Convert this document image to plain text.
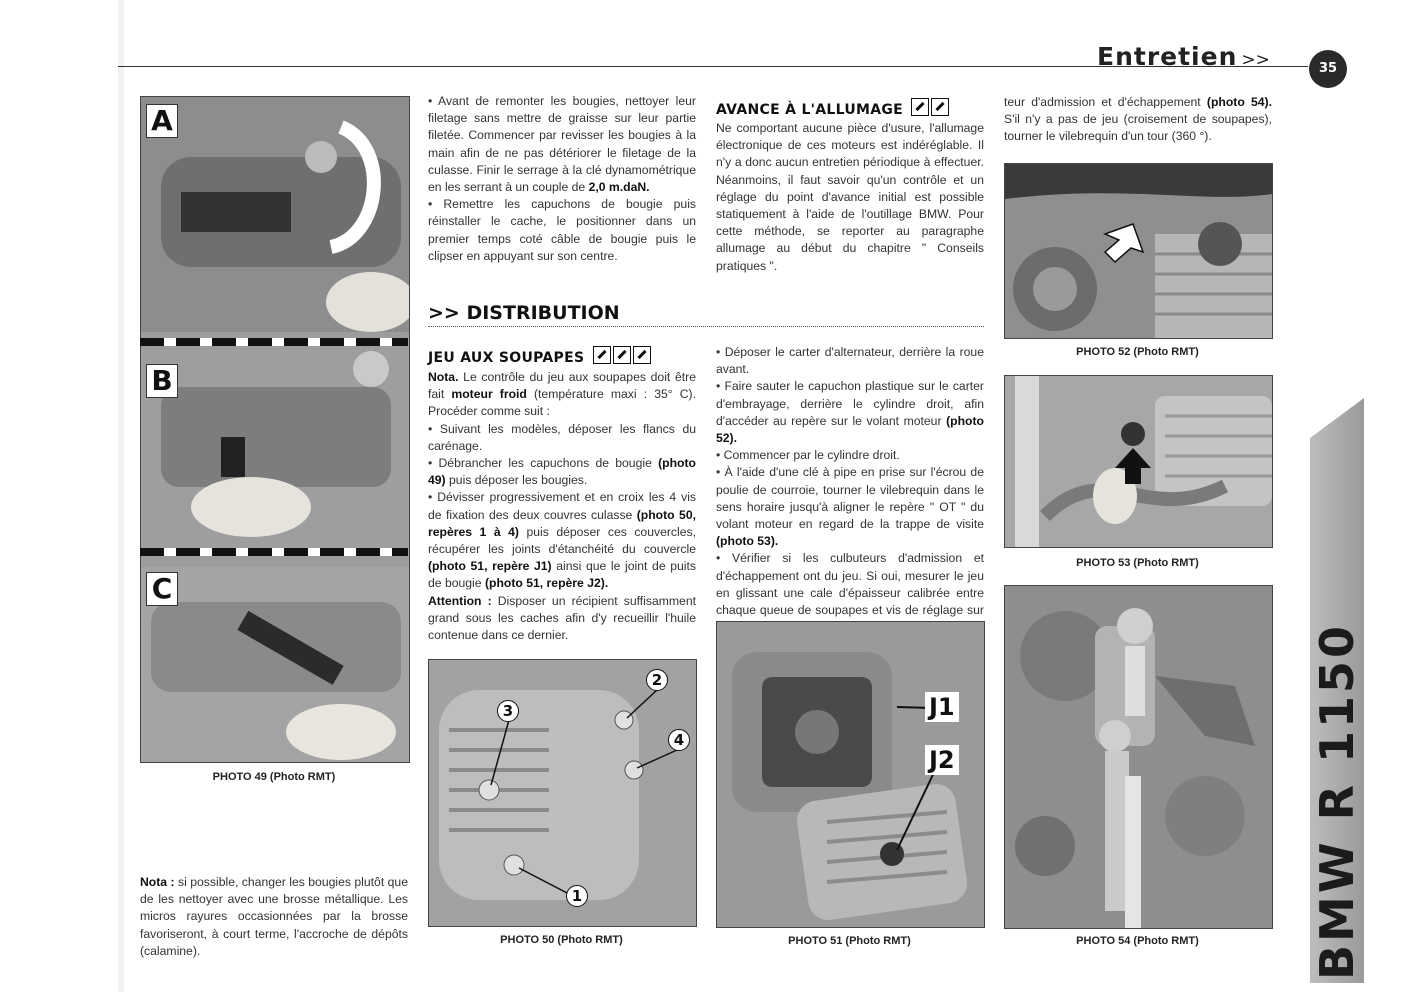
Entretien >>	35
BMW R 1150
A
B
C
PHOTO 49 (Photo RMT)

Nota : si possible, changer les bougies plutôt que de les nettoyer avec une brosse métallique. Les micros rayures occasionnées par la brosse favoriseront, à court terme, l'accroche de dépôts (calamine).

• Avant de remonter les bougies, nettoyer leur filetage sans mettre de graisse sur leur partie filetée. Commencer par revisser les bougies à la main afin de ne pas détériorer le filetage de la culasse. Finir le serrage à la clé dynamométrique en les serrant à un couple de 2,0 m.daN.

• Remettre les capuchons de bougie puis réinstaller le cache, le positionner dans un premier temps coté câble de bougie puis le clipser en appuyant sur son centre.

AVANCE À L'ALLUMAGE

Ne comportant aucune pièce d'usure, l'allumage électronique de ces moteurs est indéréglable. Il n'y a donc aucun entretien périodique à effectuer. Néanmoins, il faut savoir qu'un contrôle et un réglage du point d'avance initial est possible statiquement à l'aide de l'outillage BMW. Pour cette méthode, se reporter au paragraphe allumage au début du chapitre " Conseils pratiques ".

teur d'admission et d'échappement (photo 54). S'il n'y a pas de jeu (croisement de soupapes), tourner le vilebrequin d'un tour (360 °).

>> DISTRIBUTION
JEU AUX SOUPAPES

Nota. Le contrôle du jeu aux soupapes doit être fait moteur froid (température maxi : 35° C). Procéder comme suit :

• Suivant les modèles, déposer les flancs du carénage.

• Débrancher les capuchons de bougie (photo 49) puis déposer les bougies.

• Dévisser progressivement et en croix les 4 vis de fixation des deux couvres culasse (photo 50, repères 1 à 4) puis déposer ces couvercles, récupérer les joints d'étanchéité du couvercle (photo 51, repère J1) ainsi que le joint de puits de bougie (photo 51, repère J2).

Attention : Disposer un récipient suffisamment grand sous les caches afin d'y recueillir l'huile contenue dans ce dernier.

• Déposer le carter d'alternateur, derrière la roue avant.

• Faire sauter le capuchon plastique sur le carter d'embrayage, derrière le cylindre droit, afin d'accéder au repère sur le volant moteur (photo 52).

• Commencer par le cylindre droit.

• À l'aide d'une clé à pipe en prise sur l'écrou de poulie de courroie, tourner le vilebrequin dans le sens horaire jusqu'à aligner le repère " OT " du volant moteur en regard de la trappe de visite (photo 53).

• Vérifier si les culbuteurs d'admission et d'échappement ont du jeu. Si oui, mesurer le jeu en glissant une cale d'épaisseur calibrée entre chaque queue de soupapes et vis de réglage sur

1
2
3
4
PHOTO 50 (Photo RMT)
J1
J2
PHOTO 51 (Photo RMT)
PHOTO 52 (Photo RMT)
PHOTO 53 (Photo RMT)
PHOTO 54 (Photo RMT)
